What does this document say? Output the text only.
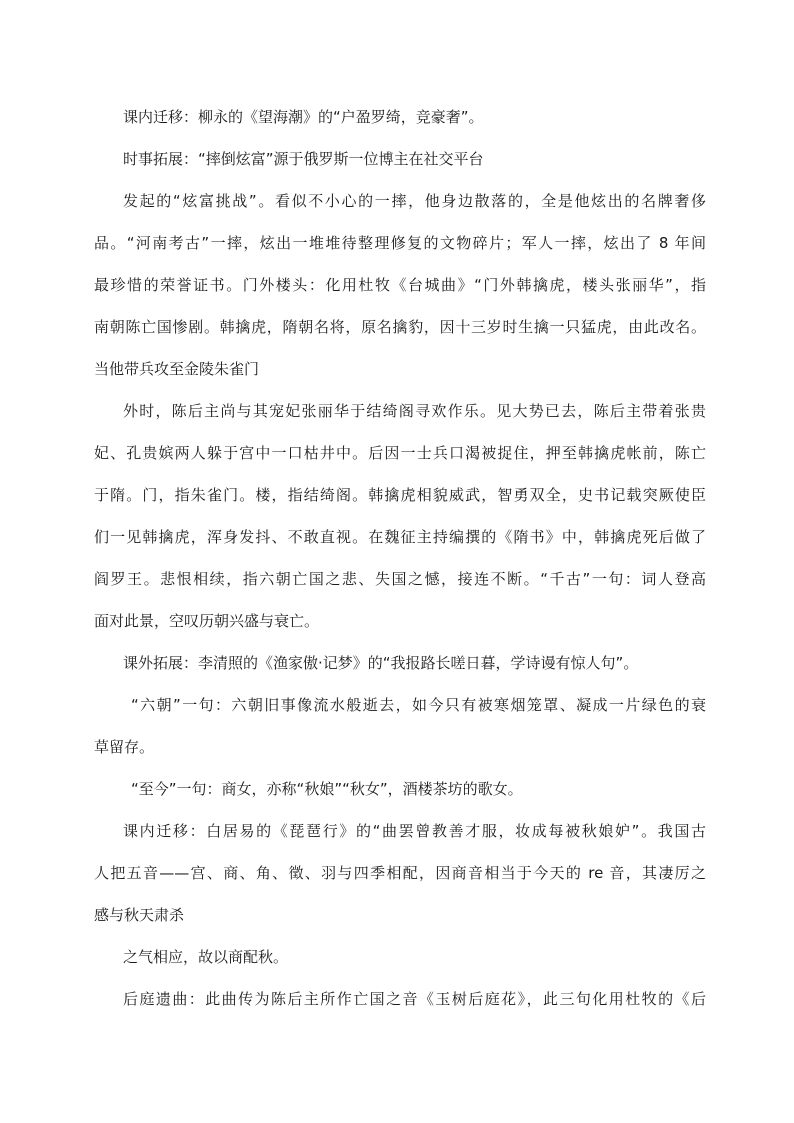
课内迁移：柳永的《望海潮》的“户盈罗绮，竞豪奢”。
时事拓展：“摔倒炫富”源于俄罗斯一位博主在社交平台
发起的“炫富挑战”。看似不小心的一摔，他身边散落的，全是他炫出的名牌奢侈
品。“河南考古”一摔，炫出一堆堆待整理修复的文物碎片；军人一摔，炫出了 8 年间
最珍惜的荣誉证书。门外楼头：化用杜牧《台城曲》“门外韩擒虎，楼头张丽华”，指
南朝陈亡国惨剧。韩擒虎，隋朝名将，原名擒豹，因十三岁时生擒一只猛虎，由此改名。
当他带兵攻至金陵朱雀门
外时，陈后主尚与其宠妃张丽华于结绮阁寻欢作乐。见大势已去，陈后主带着张贵
妃、孔贵嫔两人躲于宫中一口枯井中。后因一士兵口渴被捉住，押至韩擒虎帐前，陈亡
于隋。门，指朱雀门。楼，指结绮阁。韩擒虎相貌威武，智勇双全，史书记载突厥使臣
们一见韩擒虎，浑身发抖、不敢直视。在魏征主持编撰的《隋书》中，韩擒虎死后做了
阎罗王。悲恨相续，指六朝亡国之悲、失国之憾，接连不断。“千古”一句：词人登高
面对此景，空叹历朝兴盛与衰亡。
课外拓展：李清照的《渔家傲·记梦》的“我报路长嗟日暮，学诗谩有惊人句”。
“六朝”一句：六朝旧事像流水般逝去，如今只有被寒烟笼罩、凝成一片绿色的衰
草留存。
“至今”一句：商女，亦称“秋娘”“秋女”，酒楼茶坊的歌女。
课内迁移：白居易的《琵琶行》的“曲罢曾教善才服，妆成每被秋娘妒”。我国古
人把五音——宫、商、角、徵、羽与四季相配，因商音相当于今天的 re 音，其凄厉之
感与秋天肃杀
之气相应，故以商配秋。
后庭遗曲：此曲传为陈后主所作亡国之音《玉树后庭花》，此三句化用杜牧的《后
